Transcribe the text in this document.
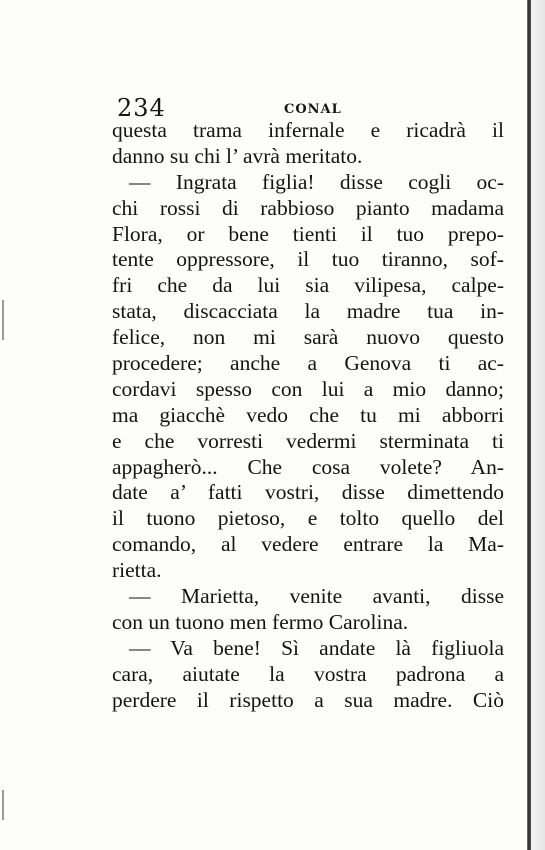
234	CONAL
questa trama infernale e ricadrà il
danno su chi l’ avrà meritato.
— Ingrata figlia! disse cogli oc-
chi rossi di rabbioso pianto madama
Flora, or bene tienti il tuo prepo-
tente oppressore, il tuo tiranno, sof-
fri che da lui sia vilipesa, calpe-
stata, discacciata la madre tua in-
felice, non mi sarà nuovo questo
procedere; anche a Genova ti ac-
cordavi spesso con lui a mio danno;
ma giacchè vedo che tu mi abborri
e che vorresti vedermi sterminata ti
appagherò... Che cosa volete? An-
date a’ fatti vostri, disse dimettendo
il tuono pietoso, e tolto quello del
comando, al vedere entrare la Ma-
rietta.
— Marietta, venite avanti, disse
con un tuono men fermo Carolina.
— Va bene! Sì andate là figliuola
cara, aiutate la vostra padrona a
perdere il rispetto a sua madre. Ciò
